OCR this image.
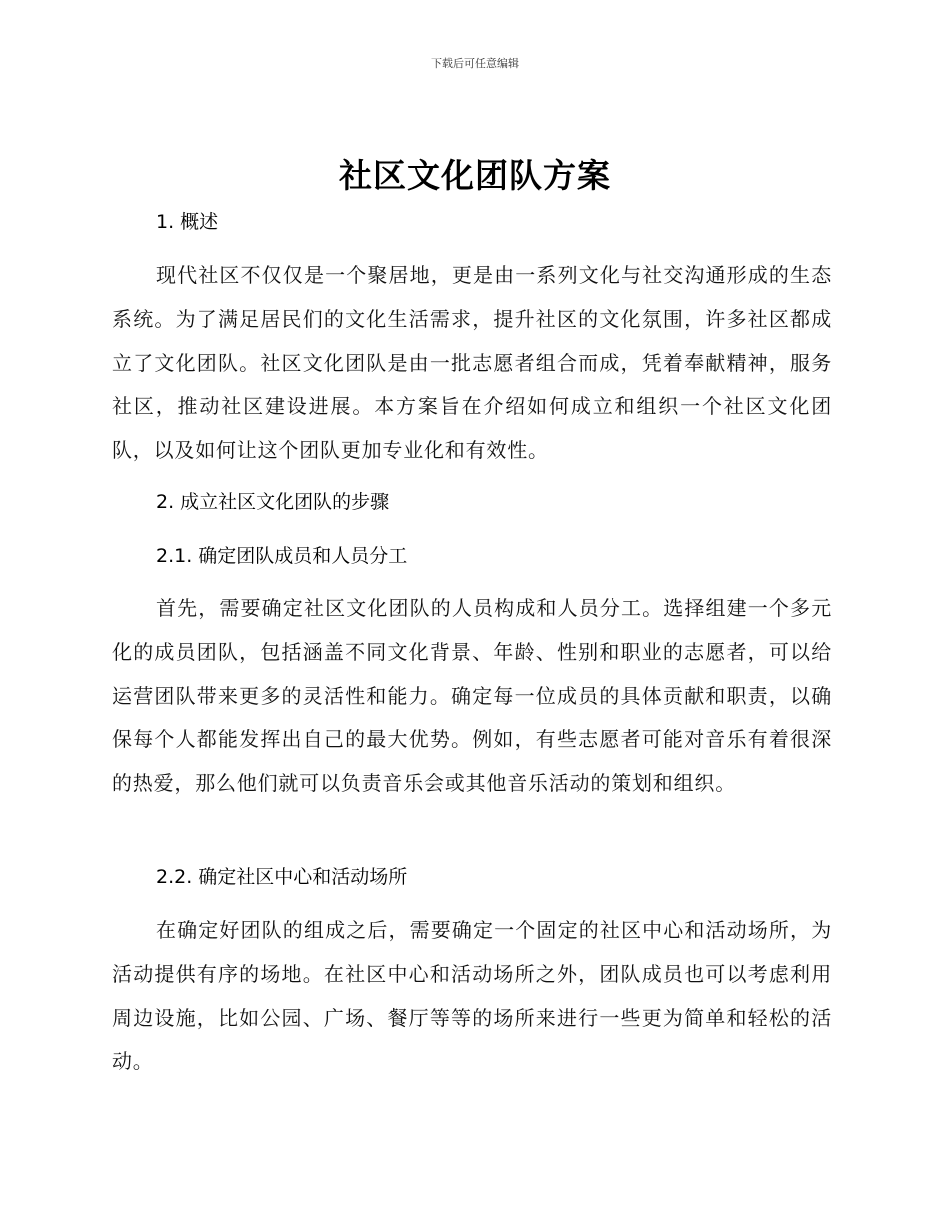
下载后可任意编辑
社区文化团队方案
1. 概述

现代社区不仅仅是一个聚居地，更是由一系列文化与社交沟通形成的生态系统。为了满足居民们的文化生活需求，提升社区的文化氛围，许多社区都成立了文化团队。社区文化团队是由一批志愿者组合而成，凭着奉献精神，服务社区，推动社区建设进展。本方案旨在介绍如何成立和组织一个社区文化团队，以及如何让这个团队更加专业化和有效性。

2. 成立社区文化团队的步骤
2.1. 确定团队成员和人员分工

首先，需要确定社区文化团队的人员构成和人员分工。选择组建一个多元化的成员团队，包括涵盖不同文化背景、年龄、性别和职业的志愿者，可以给运营团队带来更多的灵活性和能力。确定每一位成员的具体贡献和职责，以确保每个人都能发挥出自己的最大优势。例如，有些志愿者可能对音乐有着很深的热爱，那么他们就可以负责音乐会或其他音乐活动的策划和组织。

2.2. 确定社区中心和活动场所

在确定好团队的组成之后，需要确定一个固定的社区中心和活动场所，为活动提供有序的场地。在社区中心和活动场所之外，团队成员也可以考虑利用周边设施，比如公园、广场、餐厅等等的场所来进行一些更为简单和轻松的活动。
